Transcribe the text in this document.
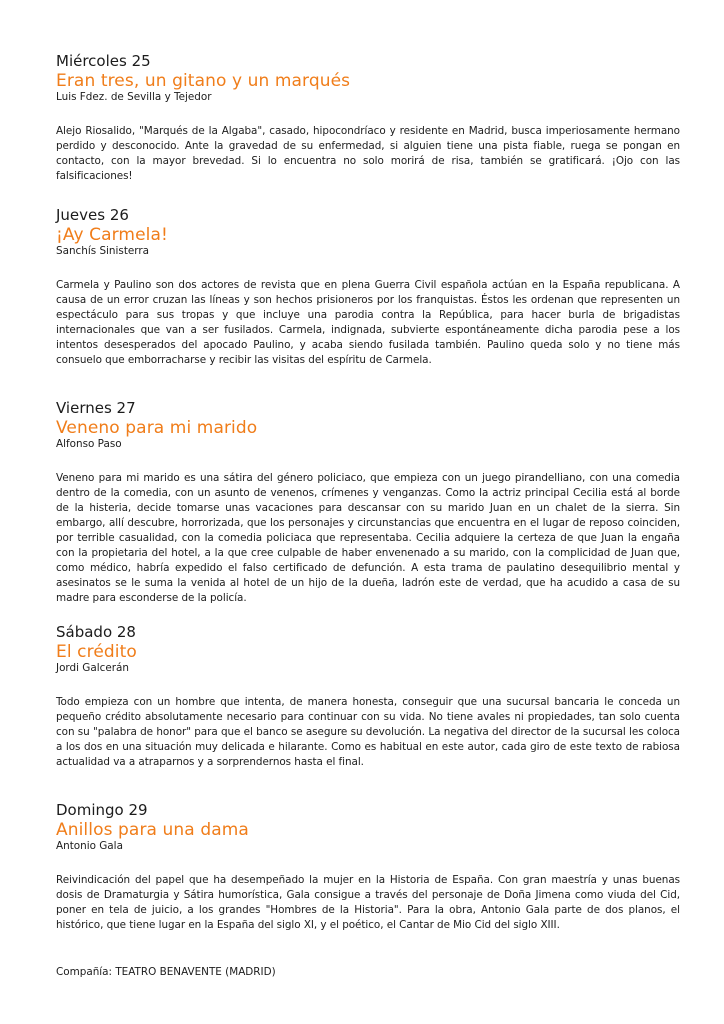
Miércoles 25
Eran tres, un gitano y un marqués
Luis Fdez. de Sevilla y Tejedor
Alejo Riosalido, "Marqués de la Algaba", casado, hipocondríaco y residente en Madrid, busca imperiosamente hermano perdido y desconocido. Ante la gravedad de su enfermedad, si alguien tiene una pista fiable, ruega se pongan en contacto, con la mayor brevedad. Si lo encuentra no solo morirá de risa, también se gratificará. ¡Ojo con las falsificaciones!
Jueves 26
¡Ay Carmela!
Sanchís Sinisterra
Carmela y Paulino son dos actores de revista que en plena Guerra Civil española actúan en la España republicana. A causa de un error cruzan las líneas y son hechos prisioneros por los franquistas. Éstos les ordenan que representen un espectáculo para sus tropas y que incluye una parodia contra la República, para hacer burla de brigadistas internacionales que van a ser fusilados. Carmela, indignada, subvierte espontáneamente dicha parodia pese a los intentos desesperados del apocado Paulino, y acaba siendo fusilada también. Paulino queda solo y no tiene más consuelo que emborracharse y recibir las visitas del espíritu de Carmela.
Viernes 27
Veneno para mi marido
Alfonso Paso
Veneno para mi marido es una sátira del género policiaco, que empieza con un juego pirandelliano, con una comedia dentro de la comedia, con un asunto de venenos, crímenes y venganzas. Como la actriz principal Cecilia está al borde de la histeria, decide tomarse unas vacaciones para descansar con su marido Juan en un chalet de la sierra. Sin embargo, allí descubre, horrorizada, que los personajes y circunstancias que encuentra en el lugar de reposo coinciden, por terrible casualidad, con la comedia policiaca que representaba. Cecilia adquiere la certeza de que Juan la engaña con la propietaria del hotel, a la que cree culpable de haber envenenado a su marido, con la complicidad de Juan que, como médico, habría expedido el falso certificado de defunción. A esta trama de paulatino desequilibrio mental y asesinatos se le suma la venida al hotel de un hijo de la dueña, ladrón este de verdad, que ha acudido a casa de su madre para esconderse de la policía.
Sábado 28
El crédito
Jordi Galcerán
Todo empieza con un hombre que intenta, de manera honesta, conseguir que una sucursal bancaria le conceda un pequeño crédito absolutamente necesario para continuar con su vida. No tiene avales ni propiedades, tan solo cuenta con su "palabra de honor" para que el banco se asegure su devolución. La negativa del director de la sucursal les coloca a los dos en una situación muy delicada e hilarante. Como es habitual en este autor, cada giro de este texto de rabiosa actualidad va a atraparnos y a sorprendernos hasta el final.
Domingo 29
Anillos para una dama
Antonio Gala
Reivindicación del papel que ha desempeñado la mujer en la Historia de España. Con gran maestría y unas buenas dosis de Dramaturgia y Sátira humorística, Gala consigue a través del personaje de Doña Jimena como viuda del Cid, poner en tela de juicio, a los grandes "Hombres de la Historia". Para la obra, Antonio Gala parte de dos planos, el histórico, que tiene lugar en la España del siglo XI, y el poético, el Cantar de Mio Cid del siglo XIII.
Compañía: TEATRO BENAVENTE (MADRID)
